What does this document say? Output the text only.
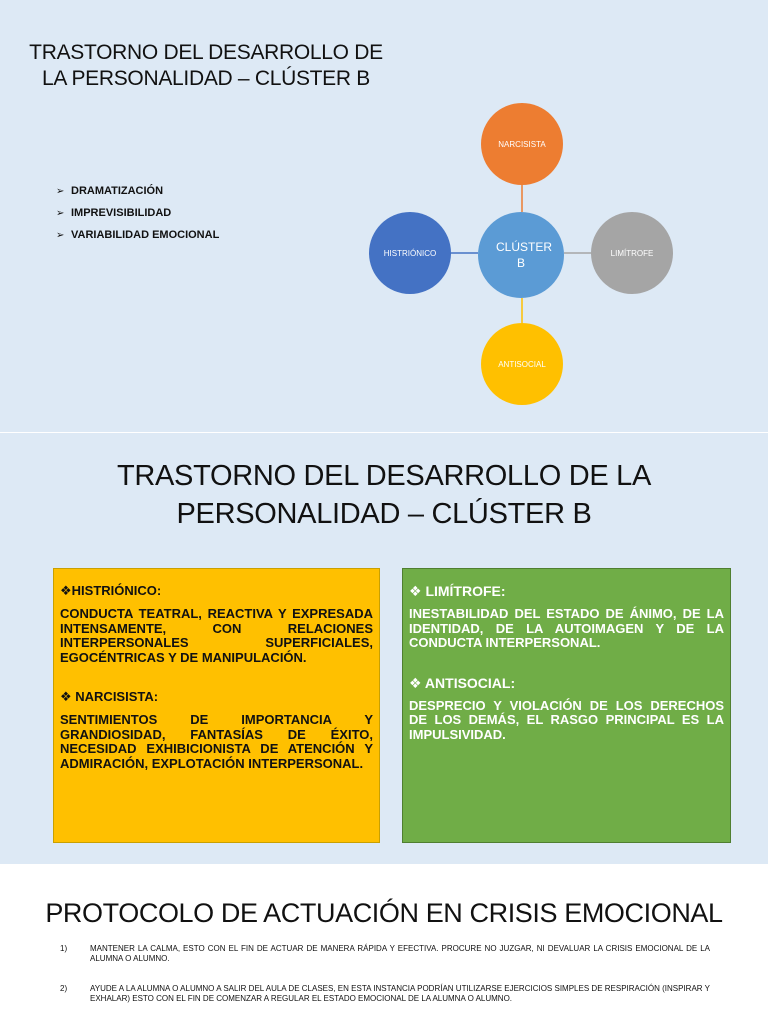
TRASTORNO DEL DESARROLLO DE
LA PERSONALIDAD – CLÚSTER B
➢ DRAMATIZACIÓN
➢ IMPREVISIBILIDAD
➢ VARIABILIDAD EMOCIONAL
NARCISISTA
HISTRIÓNICO	CLÚSTER B
LIMÍTROFE
ANTISOCIAL
TRASTORNO DEL DESARROLLO DE LA
PERSONALIDAD – CLÚSTER B
❖HISTRIÓNICO:

CONDUCTA TEATRAL, REACTIVA Y EXPRESADA INTENSAMENTE, CON RELACIONES INTERPERSONALES SUPERFICIALES, EGOCÉNTRICAS Y DE MANIPULACIÓN.

❖ NARCISISTA:

SENTIMIENTOS DE IMPORTANCIA Y GRANDIOSIDAD, FANTASÍAS DE ÉXITO, NECESIDAD EXHIBICIONISTA DE ATENCIÓN Y ADMIRACIÓN, EXPLOTACIÓN INTERPERSONAL.

❖ LIMÍTROFE:

INESTABILIDAD DEL ESTADO DE ÁNIMO, DE LA IDENTIDAD, DE LA AUTOIMAGEN Y DE LA CONDUCTA INTERPERSONAL.

❖ ANTISOCIAL:

DESPRECIO Y VIOLACIÓN DE LOS DERECHOS DE LOS DEMÁS, EL RASGO PRINCIPAL ES LA IMPULSIVIDAD.

PROTOCOLO DE ACTUACIÓN EN CRISIS EMOCIONAL
1)	MANTENER LA CALMA, ESTO CON EL FIN DE ACTUAR DE MANERA RÁPIDA Y EFECTIVA. PROCURE NO JUZGAR, NI DEVALUAR LA CRISIS EMOCIONAL DE LA ALUMNA O ALUMNO.
2)	AYUDE A LA ALUMNA O ALUMNO A SALIR DEL AULA DE CLASES, EN ESTA INSTANCIA PODRÍAN UTILIZARSE EJERCICIOS SIMPLES DE RESPIRACIÓN (INSPIRAR Y EXHALAR) ESTO CON EL FIN DE COMENZAR A REGULAR EL ESTADO EMOCIONAL DE LA ALUMNA O ALUMNO.
